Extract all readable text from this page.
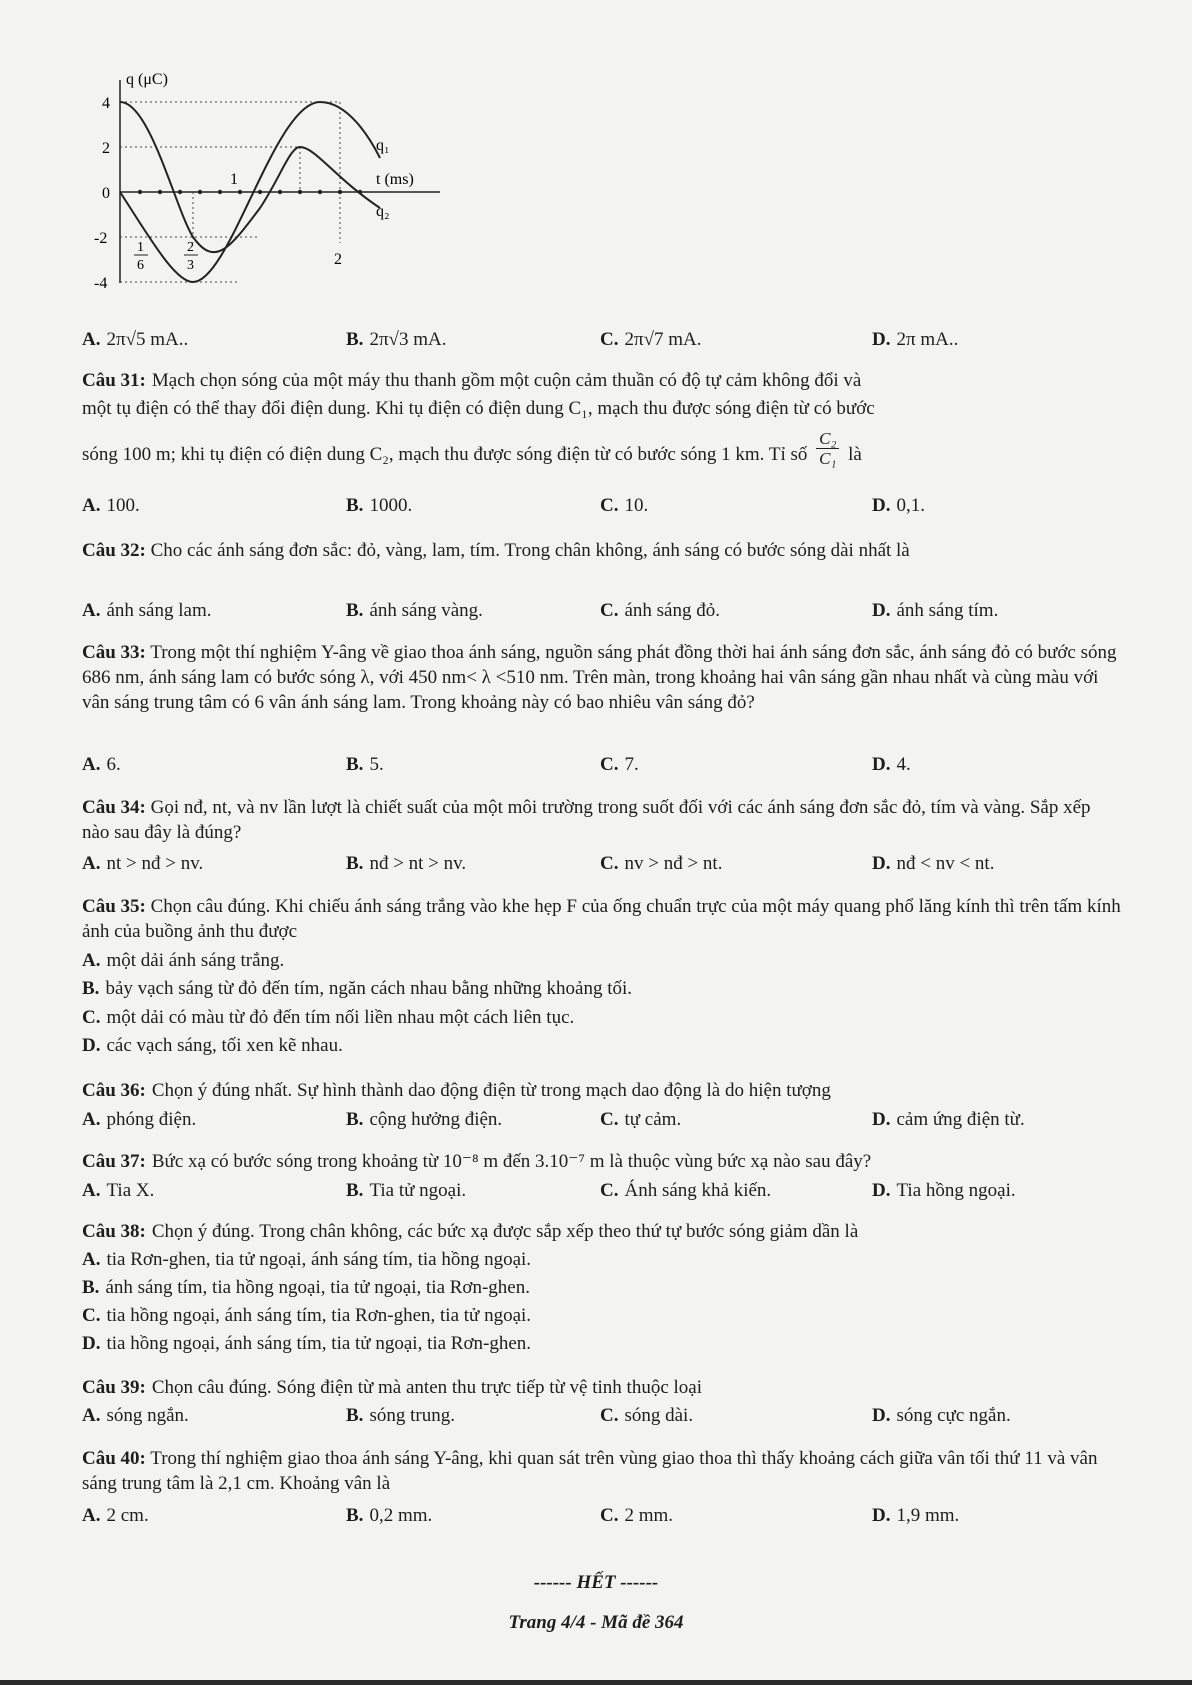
q (μC)
t (ms)
4
2
0
-2
-4
1
2
1
6
2
3
q₁
q₂
A. 2π√5 mA..	B. 2π√3 mA.	C. 2π√7 mA.	D. 2π mA..
Câu 31: Mạch chọn sóng của một máy thu thanh gồm một cuộn cảm thuần có độ tự cảm không đổi và
một tụ điện có thể thay đổi điện dung. Khi tụ điện có điện dung C₁, mạch thu được sóng điện từ có bước
sóng 100 m; khi tụ điện có điện dung C₂, mạch thu được sóng điện từ có bước sóng 1 km. Tỉ số $\frac{\text{C₂}}{\text{C₁}}$ là
A. 100.	B. 1000.	C. 10.	D. 0,1.
Câu 32: Cho các ánh sáng đơn sắc: đỏ, vàng, lam, tím. Trong chân không, ánh sáng có bước sóng dài nhất là
A. ánh sáng lam.	B. ánh sáng vàng.	C. ánh sáng đỏ.	D. ánh sáng tím.
Câu 33: Trong một thí nghiệm Y-âng về giao thoa ánh sáng, nguồn sáng phát đồng thời hai ánh sáng đơn sắc, ánh sáng đỏ có bước sóng 686 nm, ánh sáng lam có bước sóng λ, với 450 nm< λ <510 nm. Trên màn, trong khoảng hai vân sáng gần nhau nhất và cùng màu với vân sáng trung tâm có 6 vân ánh sáng lam. Trong khoảng này có bao nhiêu vân sáng đỏ?
A. 6.	B. 5.	C. 7.	D. 4.
Câu 34: Gọi nđ, nt, và nv lần lượt là chiết suất của một môi trường trong suốt đối với các ánh sáng đơn sắc đỏ, tím và vàng. Sắp xếp nào sau đây là đúng?
A. nt > nđ > nv.	B. nđ > nt > nv.	C. nv > nđ > nt.	D. nđ < nv < nt.
Câu 35: Chọn câu đúng. Khi chiếu ánh sáng trắng vào khe hẹp F của ống chuẩn trực của một máy quang phổ lăng kính thì trên tấm kính ảnh của buồng ảnh thu được
A. một dải ánh sáng trắng.
B. bảy vạch sáng từ đỏ đến tím, ngăn cách nhau bằng những khoảng tối.
C. một dải có màu từ đỏ đến tím nối liền nhau một cách liên tục.
D. các vạch sáng, tối xen kẽ nhau.
Câu 36: Chọn ý đúng nhất. Sự hình thành dao động điện từ trong mạch dao động là do hiện tượng
A. phóng điện.	B. cộng hưởng điện.	C. tự cảm.	D. cảm ứng điện từ.
Câu 37: Bức xạ có bước sóng trong khoảng từ 10⁻⁸ m đến 3.10⁻⁷ m là thuộc vùng bức xạ nào sau đây?
A. Tia X.	B. Tia tử ngoại.	C. Ánh sáng khả kiến.	D. Tia hồng ngoại.
Câu 38: Chọn ý đúng. Trong chân không, các bức xạ được sắp xếp theo thứ tự bước sóng giảm dần là
A. tia Rơn-ghen, tia tử ngoại, ánh sáng tím, tia hồng ngoại.
B. ánh sáng tím, tia hồng ngoại, tia tử ngoại, tia Rơn-ghen.
C. tia hồng ngoại, ánh sáng tím, tia Rơn-ghen, tia tử ngoại.
D. tia hồng ngoại, ánh sáng tím, tia tử ngoại, tia Rơn-ghen.
Câu 39: Chọn câu đúng. Sóng điện từ mà anten thu trực tiếp từ vệ tinh thuộc loại
A. sóng ngắn.	B. sóng trung.	C. sóng dài.	D. sóng cực ngắn.
Câu 40: Trong thí nghiệm giao thoa ánh sáng Y-âng, khi quan sát trên vùng giao thoa thì thấy khoảng cách giữa vân tối thứ 11 và vân sáng trung tâm là 2,1 cm. Khoảng vân là
A. 2 cm.	B. 0,2 mm.	C. 2 mm.	D. 1,9 mm.
------ HẾT ------
Trang 4/4 - Mã đề 364
